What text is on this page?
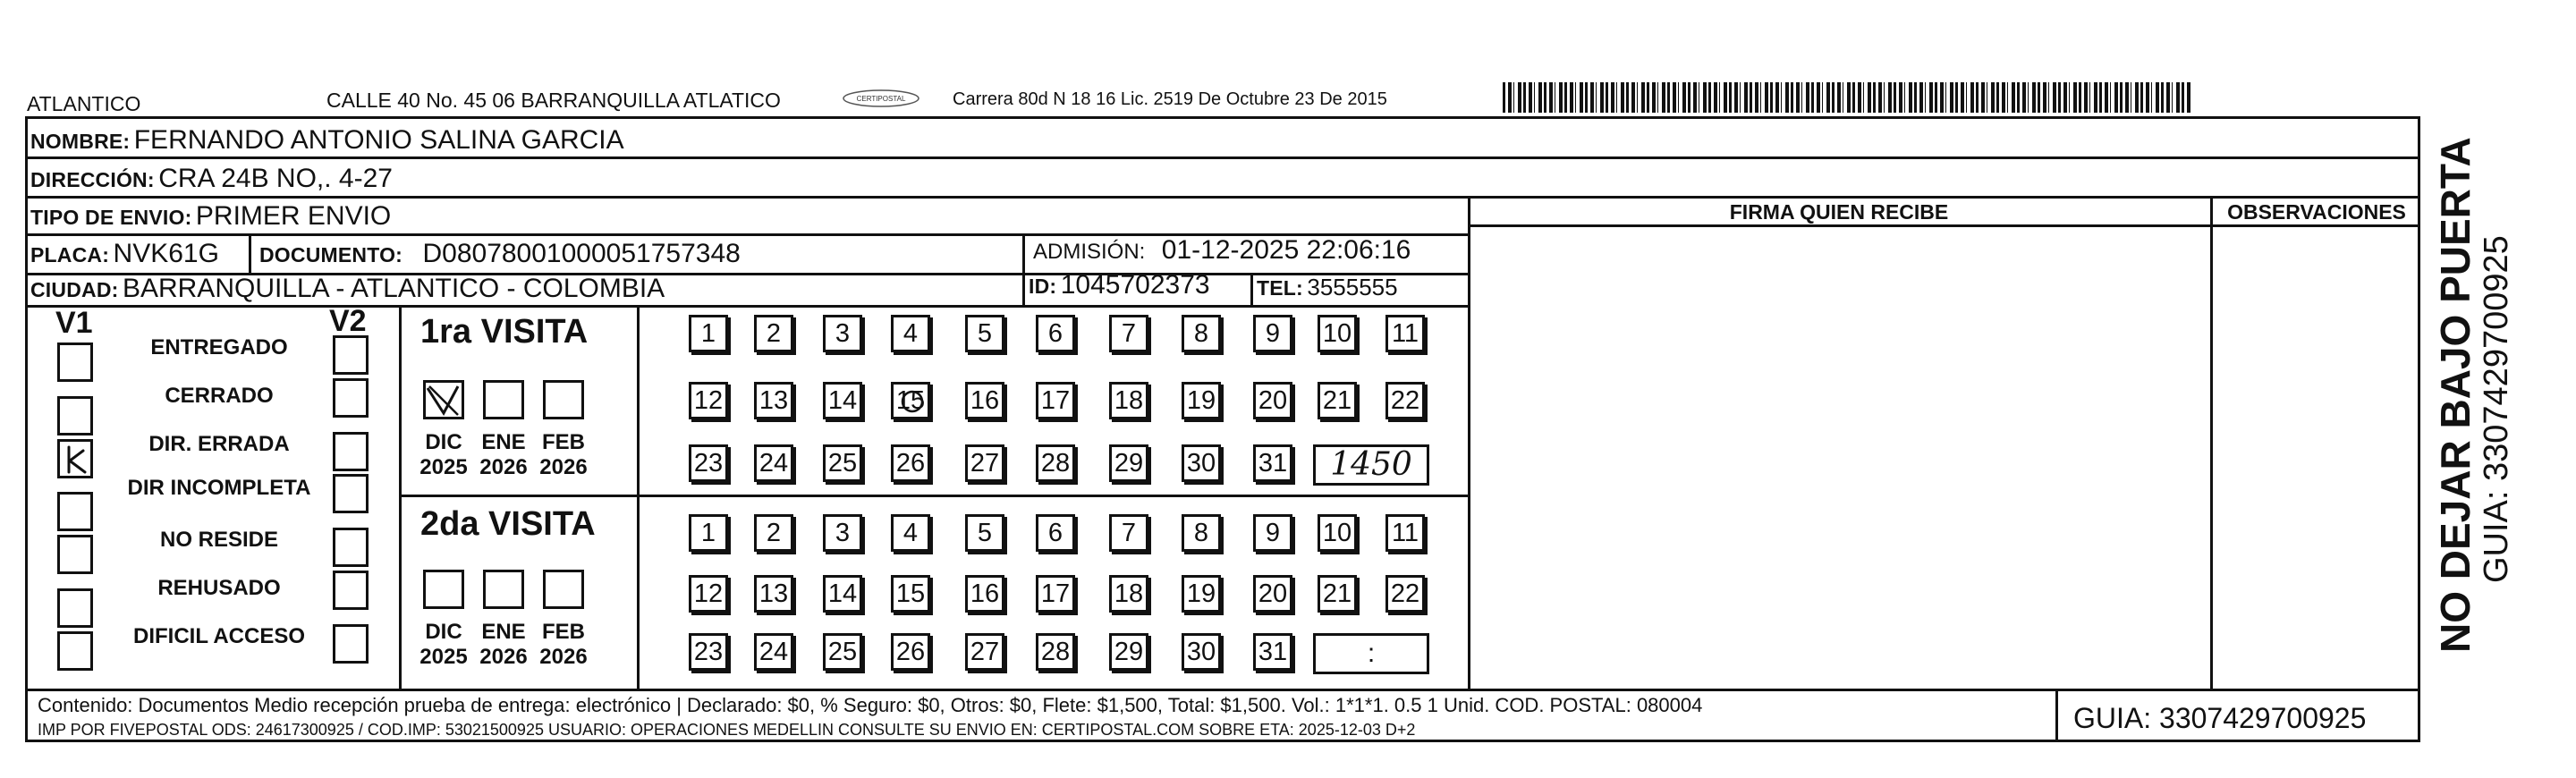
ATLANTICO	CALLE 40 No. 45 06 BARRANQUILLA ATLATICO	CERTIPOSTAL	Carrera 80d N 18 16 Lic. 2519 De Octubre 23 De 2015
NOMBRE: FERNANDO ANTONIO SALINA GARCIA
DIRECCIÓN: CRA 24B NO,. 4-27
TIPO DE ENVIO: PRIMER ENVIO
PLACA: NVK61G DOCUMENTO: D08078001000051757348	ADMISIÓN: 01-12-2025 22:06:16
CIUDAD: BARRANQUILLA - ATLANTICO - COLOMBIA	ID: 1045702373 TEL: 3555555
FIRMA QUIEN RECIBE	OBSERVACIONES
V1	V2
ENTREGADO
CERRADO
DIR. ERRADA
DIR INCOMPLETA
NO RESIDE
REHUSADO
DIFICIL ACCESO
1ra VISITA
2da VISITA
1	2	3	4	5	6	7	8	9	10 11
12 13 14 15 16 17 18 19 20 21 22
23 24 25 26 27 28 29 30 31	1450
DIC
2025
ENE
2026
FEB
2026
1	2	3	4	5	6	7	8	9	10 11
12 13 14 15 16 17 18 19 20 21 22
23 24 25 26 27 28 29 30 31	:
DIC
2025
ENE
2026
FEB
2026
NO DEJAR BAJO PUERTA GUIA: 3307429700925
Contenido: Documentos Medio recepción prueba de entrega: electrónico | Declarado: $0, % Seguro: $0, Otros: $0, Flete: $1,500, Total: $1,500. Vol.: 1*1*1. 0.5 1 Unid. COD. POSTAL: 080004
IMP POR FIVEPOSTAL ODS: 24617300925 / COD.IMP: 53021500925 USUARIO: OPERACIONES MEDELLIN CONSULTE SU ENVIO EN: CERTIPOSTAL.COM SOBRE ETA: 2025-12-03 D+2	GUIA: 3307429700925
